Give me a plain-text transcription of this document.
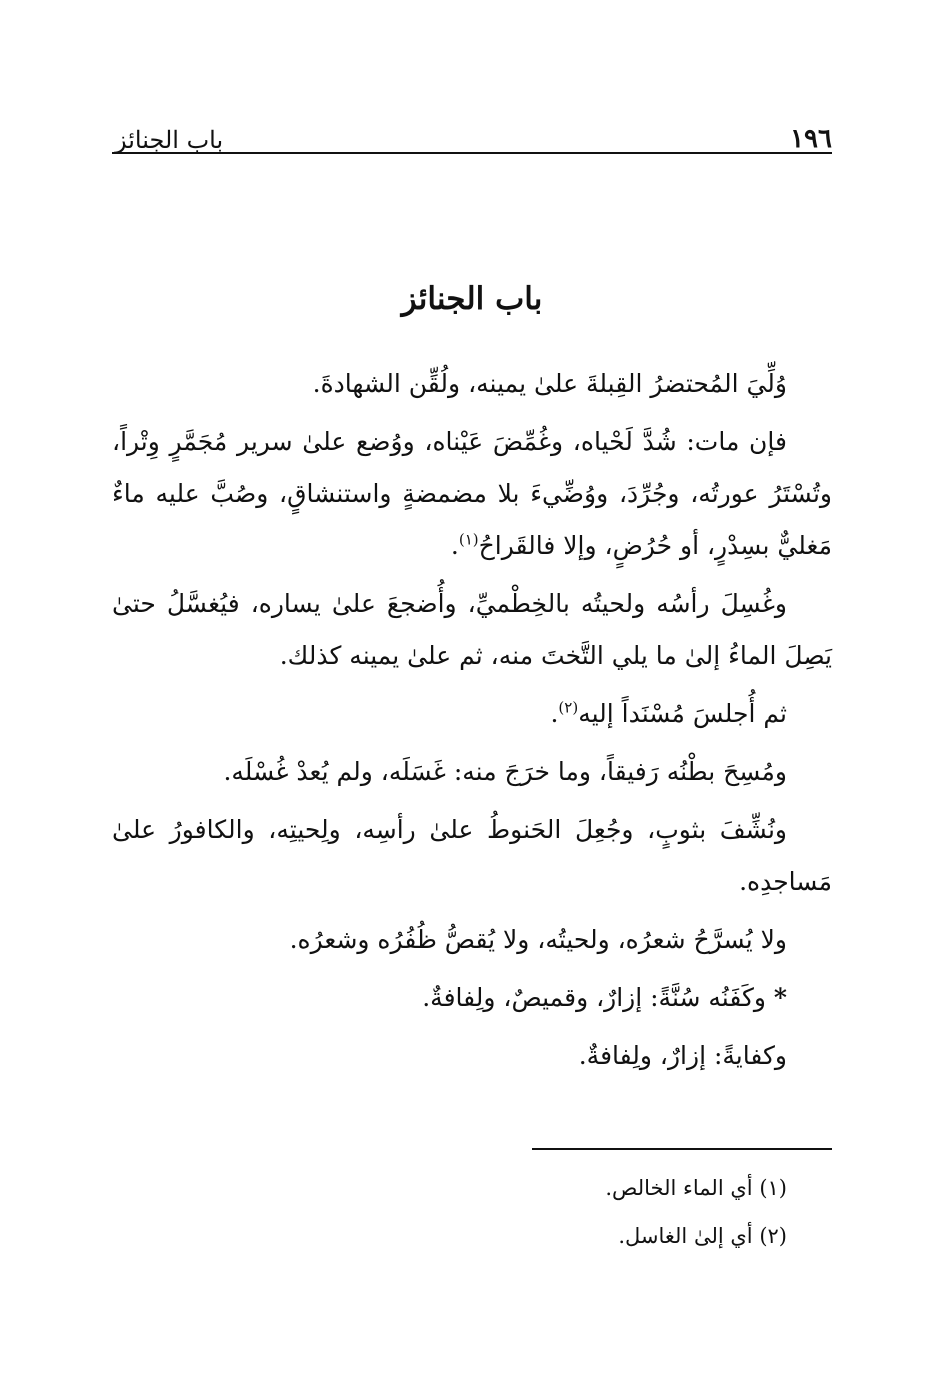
١٩٦
باب الجنائز
باب الجنائز

وُلِّيَ المُحتضرُ القِبلةَ علىٰ يمينه، ولُقِّن الشهادةَ.

فإن مات: شُدَّ لَحْياه، وغُمِّضَ عَيْناه، ووُضع علىٰ سرير مُجَمَّرٍ وِتْراً، وتُسْتَرُ عورتُه، وجُرِّدَ، ووُضِّيءَ بلا مضمضةٍ واستنشاقٍ، وصُبَّ عليه ماءٌ مَغليٌّ بسِدْرٍ، أو حُرُضٍ، وإلا فالقَراحُ$^{(١)}$.

وغُسِلَ رأسُه ولحيتُه بالخِطْميِّ، وأُضجعَ علىٰ يساره، فيُغسَّلُ حتىٰ يَصِلَ الماءُ إلىٰ ما يلي التَّختَ منه، ثم علىٰ يمينه كذلك.

ثم أُجلسَ مُسْنَداً إليه$^{(٢)}$.

ومُسِحَ بطْنُه رَفيقاً، وما خرَجَ منه: غَسَلَه، ولم يُعدْ غُسْلَه.

ونُشِّفَ بثوبٍ، وجُعِلَ الحَنوطُ علىٰ رأسِه، ولِحيتِه، والكافورُ علىٰ مَساجدِه.

ولا يُسرَّحُ شعرُه، ولحيتُه، ولا يُقصُّ ظُفُرُه وشعرُه.

* وكَفَنُه سُنَّةً: إزارٌ، وقميصٌ، ولِفافةٌ.

وكفايةً: إزارٌ، ولِفافةٌ.

(١) أي الماء الخالص.

(٢) أي إلىٰ الغاسل.
